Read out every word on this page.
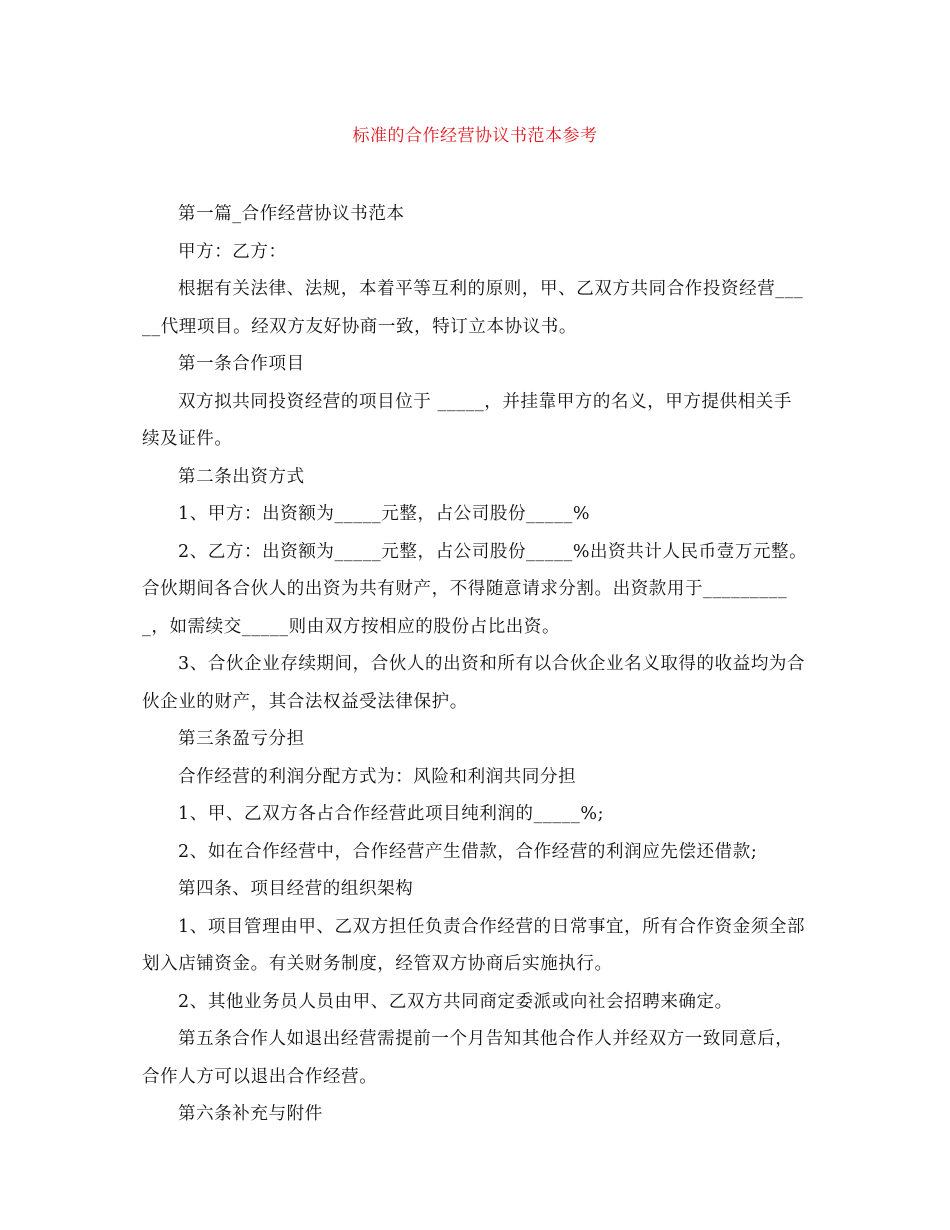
标准的合作经营协议书范本参考

第一篇_合作经营协议书范本

甲方：乙方：

根据有关法律、法规，本着平等互利的原则，甲、乙双方共同合作投资经营_____代理项目。经双方友好协商一致，特订立本协议书。

第一条合作项目

双方拟共同投资经营的项目位于 _____，并挂靠甲方的名义，甲方提供相关手续及证件。

第二条出资方式

1、甲方：出资额为_____元整，占公司股份_____%

2、乙方：出资额为_____元整，占公司股份_____%出资共计人民币壹万元整。合伙期间各合伙人的出资为共有财产，不得随意请求分割。出资款用于__________，如需续交_____则由双方按相应的股份占比出资。

3、合伙企业存续期间，合伙人的出资和所有以合伙企业名义取得的收益均为合伙企业的财产，其合法权益受法律保护。

第三条盈亏分担

合作经营的利润分配方式为：风险和利润共同分担

1、甲、乙双方各占合作经营此项目纯利润的_____%;

2、如在合作经营中，合作经营产生借款，合作经营的利润应先偿还借款;

第四条、项目经营的组织架构

1、项目管理由甲、乙双方担任负责合作经营的日常事宜，所有合作资金须全部划入店铺资金。有关财务制度，经管双方协商后实施执行。

2、其他业务员人员由甲、乙双方共同商定委派或向社会招聘来确定。

第五条合作人如退出经营需提前一个月告知其他合作人并经双方一致同意后，合作人方可以退出合作经营。

第六条补充与附件
